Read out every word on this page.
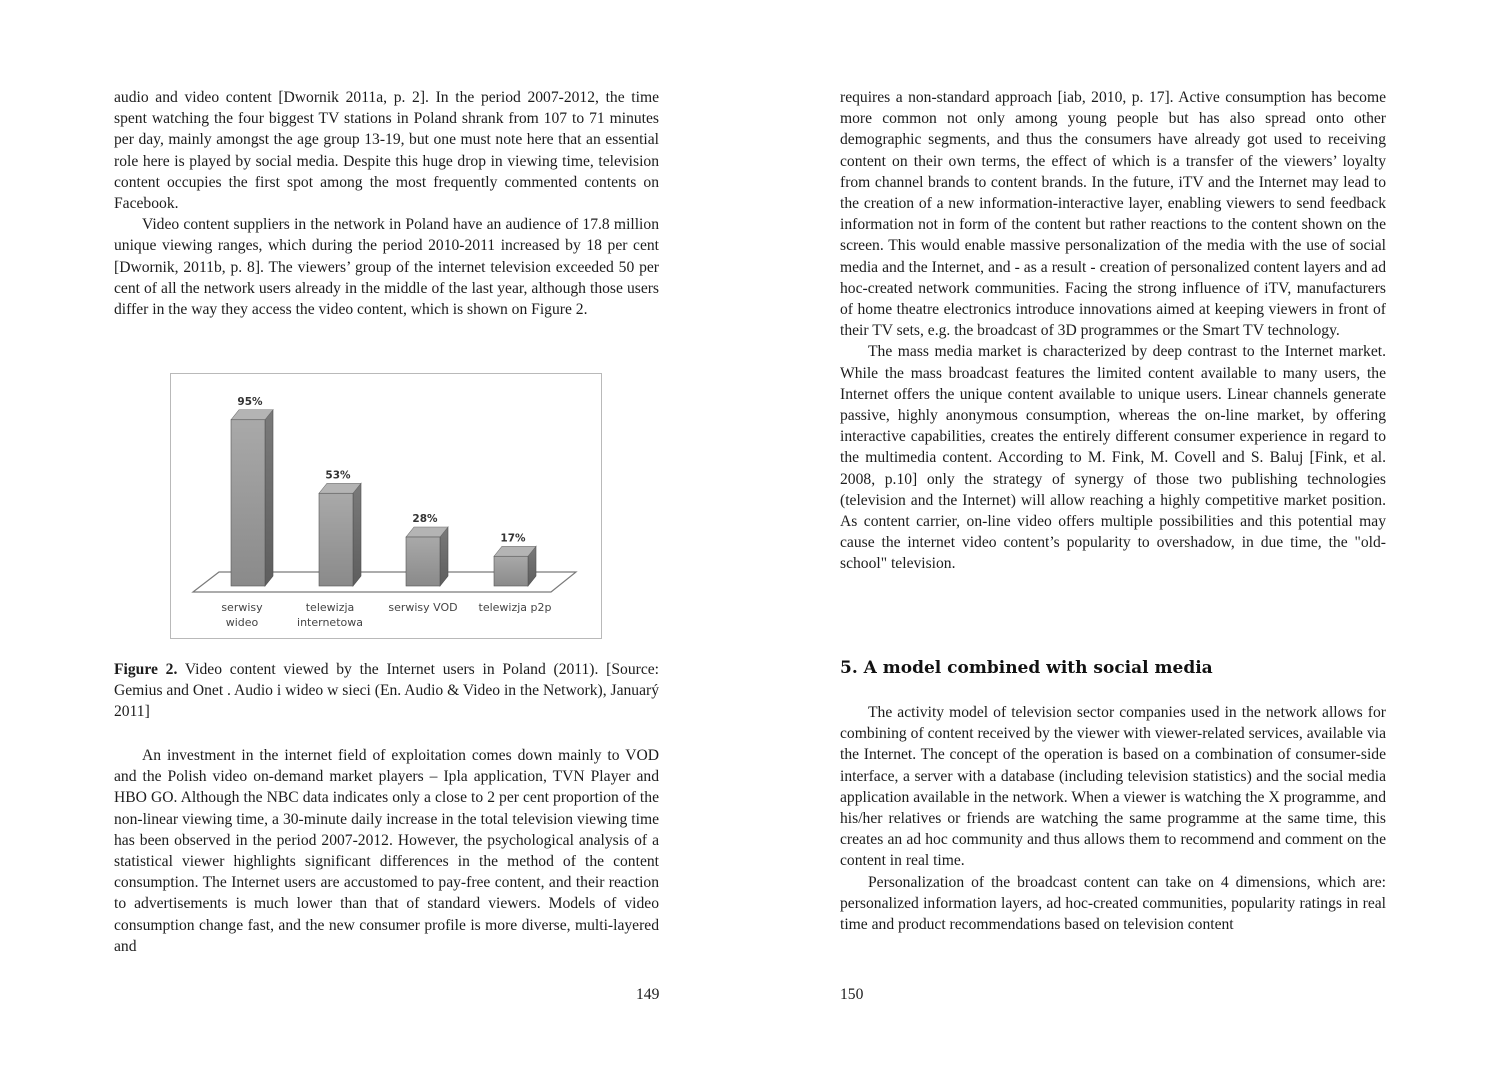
audio and video content [Dwornik 2011a, p. 2]. In the period 2007-2012, the time spent watching the four biggest TV stations in Poland shrank from 107 to 71 minutes per day, mainly amongst the age group 13-19, but one must note here that an essential role here is played by social media. Despite this huge drop in viewing time, television content occupies the first spot among the most frequently commented contents on Facebook.

Video content suppliers in the network in Poland have an audience of 17.8 million unique viewing ranges, which during the period 2010-2011 increased by 18 per cent [Dwornik, 2011b, p. 8]. The viewers’ group of the internet television exceeded 50 per cent of all the network users already in the middle of the last year, although those users differ in the way they access the video content, which is shown on Figure 2.

95%
53%
28%
17%
serwisy
wideo
telewizja
internetowa
serwisy VOD telewizja p2p
Figure 2. Video content viewed by the Internet users in Poland (2011). [Source: Gemius and Onet . Audio i wideo w sieci (En. Audio & Video in the Network), Januarý 2011]

An investment in the internet field of exploitation comes down mainly to VOD and the Polish video on-demand market players – Ipla application, TVN Player and HBO GO. Although the NBC data indicates only a close to 2 per cent proportion of the non-linear viewing time, a 30-minute daily increase in the total television viewing time has been observed in the period 2007-2012. However, the psychological analysis of a statistical viewer highlights significant differences in the method of the content consumption. The Internet users are accustomed to pay-free content, and their reaction to advertisements is much lower than that of standard viewers. Models of video consumption change fast, and the new consumer profile is more diverse, multi-layered and

149

requires a non-standard approach [iab, 2010, p. 17]. Active consumption has become more common not only among young people but has also spread onto other demographic segments, and thus the consumers have already got used to receiving content on their own terms, the effect of which is a transfer of the viewers’ loyalty from channel brands to content brands. In the future, iTV and the Internet may lead to the creation of a new information-interactive layer, enabling viewers to send feedback information not in form of the content but rather reactions to the content shown on the screen. This would enable massive personalization of the media with the use of social media and the Internet, and - as a result - creation of personalized content layers and ad hoc-created network communities. Facing the strong influence of iTV, manufacturers of home theatre electronics introduce innovations aimed at keeping viewers in front of their TV sets, e.g. the broadcast of 3D programmes or the Smart TV technology.

The mass media market is characterized by deep contrast to the Internet market. While the mass broadcast features the limited content available to many users, the Internet offers the unique content available to unique users. Linear channels generate passive, highly anonymous consumption, whereas the on-line market, by offering interactive capabilities, creates the entirely different consumer experience in regard to the multimedia content. According to M. Fink, M. Covell and S. Baluj [Fink, et al. 2008, p.10] only the strategy of synergy of those two publishing technologies (television and the Internet) will allow reaching a highly competitive market position. As content carrier, on-line video offers multiple possibilities and this potential may cause the internet video content’s popularity to overshadow, in due time, the "old-school" television.

5. A model combined with social media

The activity model of television sector companies used in the network allows for combining of content received by the viewer with viewer-related services, available via the Internet. The concept of the operation is based on a combination of consumer-side interface, a server with a database (including television statistics) and the social media application available in the network. When a viewer is watching the X programme, and his/her relatives or friends are watching the same programme at the same time, this creates an ad hoc community and thus allows them to recommend and comment on the content in real time.

Personalization of the broadcast content can take on 4 dimensions, which are: personalized information layers, ad hoc-created communities, popularity ratings in real time and product recommendations based on television content

150
